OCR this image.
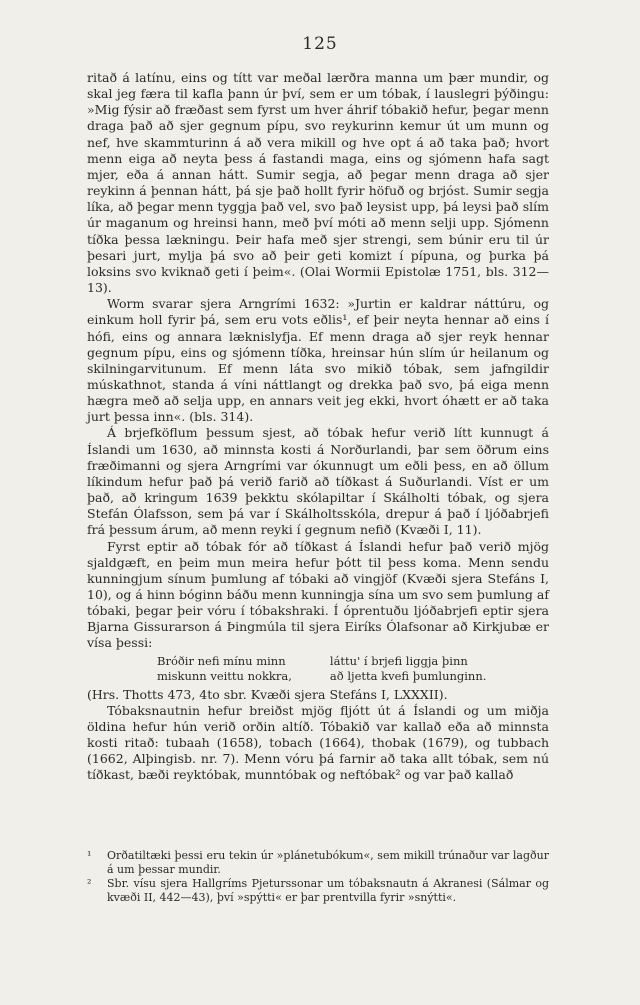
125

ritað á latínu, eins og títt var meðal lærðra manna um þær mundir, og skal jeg færa til kafla þann úr því, sem er um tóbak, í lauslegri þýðingu: »Mig fýsir að fræðast sem fyrst um hver áhrif tóbakið hefur, þegar menn draga það að sjer gegnum pípu, svo reykurinn kemur út um munn og nef, hve skammturinn á að vera mikill og hve opt á að taka það; hvort menn eiga að neyta þess á fastandi maga, eins og sjómenn hafa sagt mjer, eða á annan hátt. Sumir segja, að þegar menn draga að sjer reykinn á þennan hátt, þá sje það hollt fyrir höfuð og brjóst. Sumir segja líka, að þegar menn tyggja það vel, svo það leysist upp, þá leysi það slím úr maganum og hreinsi hann, með því móti að menn selji upp. Sjómenn tíðka þessa lækningu. Þeir hafa með sjer strengi, sem búnir eru til úr þesari jurt, mylja þá svo að þeir geti komizt í pípuna, og þurka þá loksins svo kviknað geti í þeim«. (Olai Wormii Epistolæ 1751, bls. 312—13).

Worm svarar sjera Arngrími 1632: »Jurtin er kaldrar náttúru, og einkum holl fyrir þá, sem eru vots eðlis¹, ef þeir neyta hennar að eins í hófi, eins og annara læknislyfja. Ef menn draga að sjer reyk hennar gegnum pípu, eins og sjómenn tíðka, hreinsar hún slím úr heilanum og skilningarvitunum. Ef menn láta svo mikið tóbak, sem jafngildir múskathnot, standa á víni náttlangt og drekka það svo, þá eiga menn hægra með að selja upp, en annars veit jeg ekki, hvort óhætt er að taka jurt þessa inn«. (bls. 314).

Á brjefköflum þessum sjest, að tóbak hefur verið lítt kunnugt á Íslandi um 1630, að minnsta kosti á Norðurlandi, þar sem öðrum eins fræðimanni og sjera Arngrími var ókunnugt um eðli þess, en að öllum líkindum hefur það þá verið farið að tíðkast á Suðurlandi. Víst er um það, að kringum 1639 þekktu skólapiltar í Skálholti tóbak, og sjera Stefán Ólafsson, sem þá var í Skálholtsskóla, drepur á það í ljóðabrjefi frá þessum árum, að menn reyki í gegnum nefið (Kvæði I, 11).

Fyrst eptir að tóbak fór að tíðkast á Íslandi hefur það verið mjög sjaldgæft, en þeim mun meira hefur þótt til þess koma. Menn sendu kunningjum sínum þumlung af tóbaki að vingjöf (Kvæði sjera Stefáns I, 10), og á hinn bóginn báðu menn kunningja sína um svo sem þumlung af tóbaki, þegar þeir vóru í tóbakshraki. Í óprentuðu ljóðabrjefi eptir sjera Bjarna Gissurarson á Þingmúla til sjera Eiríks Ólafsonar að Kirkjubæ er vísa þessi:

Bróðir nefi mínu minn
miskunn veittu nokkra,
láttu' í brjefi liggja þinn
að ljetta kvefi þumlunginn.

(Hrs. Thotts 473, 4to sbr. Kvæði sjera Stefáns I, LXXXII).

Tóbaksnautnin hefur breiðst mjög fljótt út á Íslandi og um miðja öldina hefur hún verið orðin altíð. Tóbakið var kallað eða að minnsta kosti ritað: tubaah (1658), tobach (1664), thobak (1679), og tubbach (1662, Alþingisb. nr. 7). Menn vóru þá farnir að taka allt tóbak, sem nú tíðkast, bæði reyktóbak, munntóbak og neftóbak² og var það kallað

¹	Orðatiltæki þessi eru tekin úr »plánetubókum«, sem mikill trúnaður var lagður á um þessar mundir.
²	Sbr. vísu sjera Hallgríms Pjeturssonar um tóbaksnautn á Akranesi (Sálmar og kvæði II, 442—43), því »spýtti« er þar prentvilla fyrir »snýtti«.
